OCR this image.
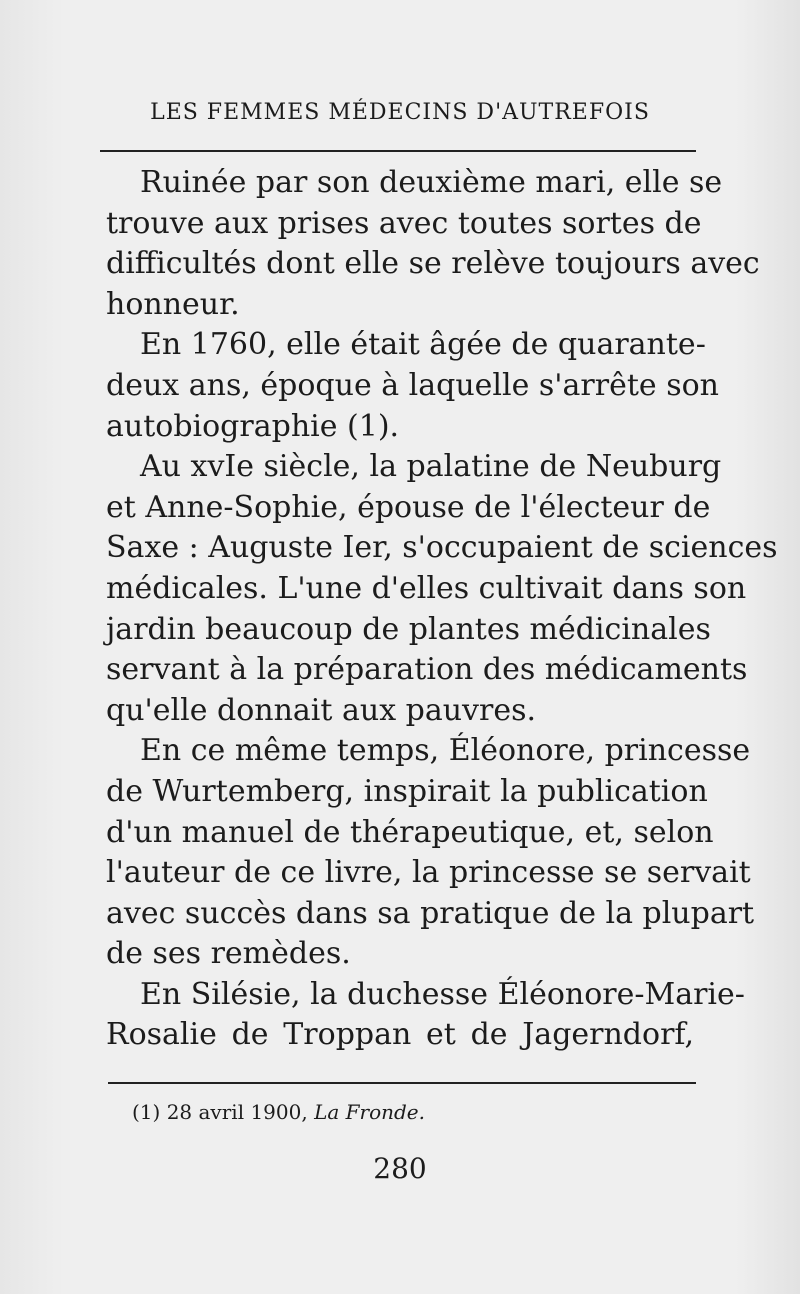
LES FEMMES MÉDECINS D'AUTREFOIS
Ruinée par son deuxième mari, elle se
trouve aux prises avec toutes sortes de
difficultés dont elle se relève toujours avec
honneur.
En 1760, elle était âgée de quarante-
deux ans, époque à laquelle s'arrête son
autobiographie (1).
Au xvIe siècle, la palatine de Neuburg
et Anne-Sophie, épouse de l'électeur de
Saxe : Auguste Ier, s'occupaient de sciences
médicales. L'une d'elles cultivait dans son
jardin beaucoup de plantes médicinales
servant à la préparation des médicaments
qu'elle donnait aux pauvres.
En ce même temps, Éléonore, princesse
de Wurtemberg, inspirait la publication
d'un manuel de thérapeutique, et, selon
l'auteur de ce livre, la princesse se servait
avec succès dans sa pratique de la plupart
de ses remèdes.
En Silésie, la duchesse Éléonore-Marie-
Rosalie de Troppan et de Jagerndorf,
(1) 28 avril 1900, La Fronde.
280
